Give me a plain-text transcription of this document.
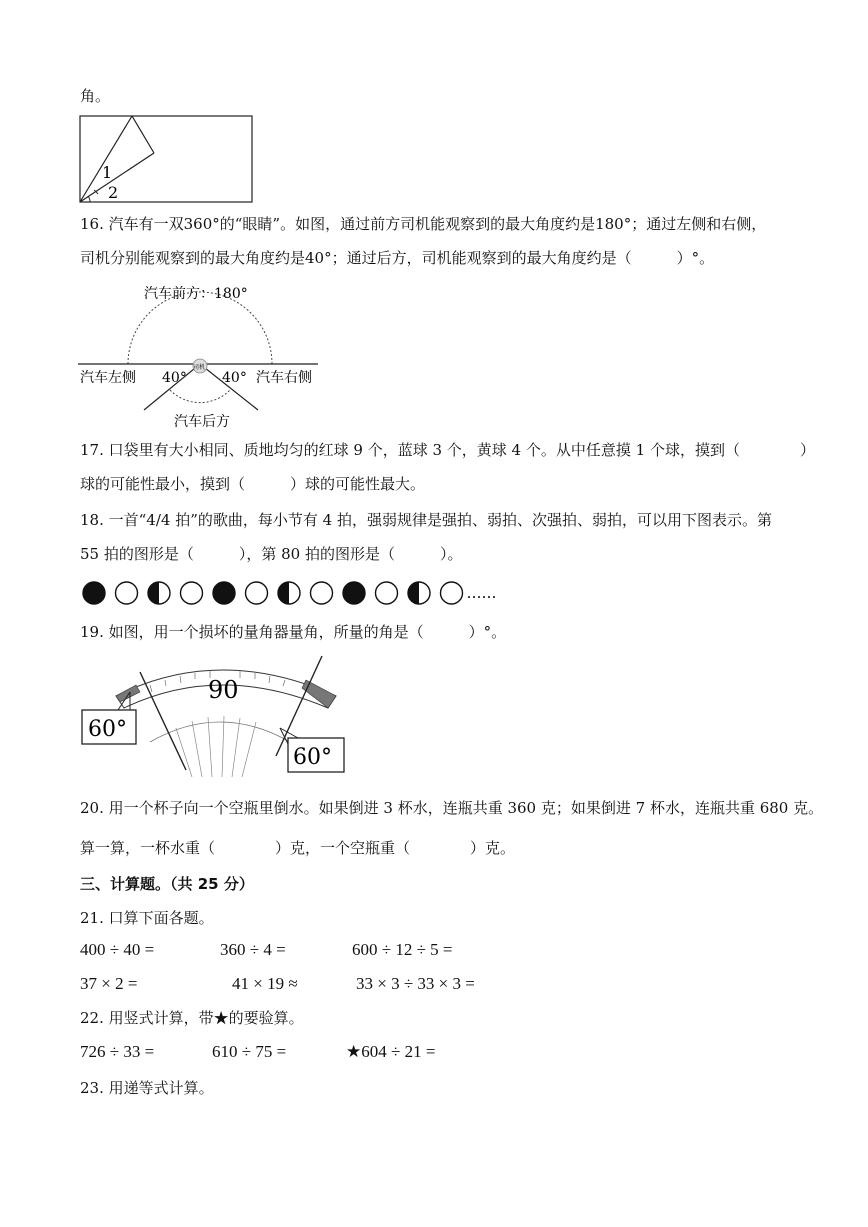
角。
1
2
16. 汽车有一双360°的“眼睛”。如图，通过前方司机能观察到的最大角度约是180°；通过左侧和右侧，
司机分别能观察到的最大角度约是40°；通过后方，司机能观察到的最大角度约是（　　　）°。
汽车前方：180°
司机
汽车左侧 40°	40° 汽车右侧
汽车后方
17. 口袋里有大小相同、质地均匀的红球 9 个，蓝球 3 个，黄球 4 个。从中任意摸 1 个球，摸到（　　　　）
球的可能性最小，摸到（　　　）球的可能性最大。
18. 一首“4/4 拍”的歌曲，每小节有 4 拍，强弱规律是强拍、弱拍、次强拍、弱拍，可以用下图表示。第
55 拍的图形是（　　　），第 80 拍的图形是（　　　）。
……
19. 如图，用一个损坏的量角器量角，所量的角是（　　　）°。
90
60°
60°
20. 用一个杯子向一个空瓶里倒水。如果倒进 3 杯水，连瓶共重 360 克；如果倒进 7 杯水，连瓶共重 680 克。
算一算，一杯水重（　　　　）克，一个空瓶重（　　　　）克。
三、计算题。（共 25 分）
21. 口算下面各题。
400 ÷ 40 =	360 ÷ 4 =	600 ÷ 12 ÷ 5 =
37 × 2 =	41 × 19 ≈	33 × 3 ÷ 33 × 3 =
22. 用竖式计算，带★的要验算。
726 ÷ 33 =	610 ÷ 75 =	★604 ÷ 21 =
23. 用递等式计算。
